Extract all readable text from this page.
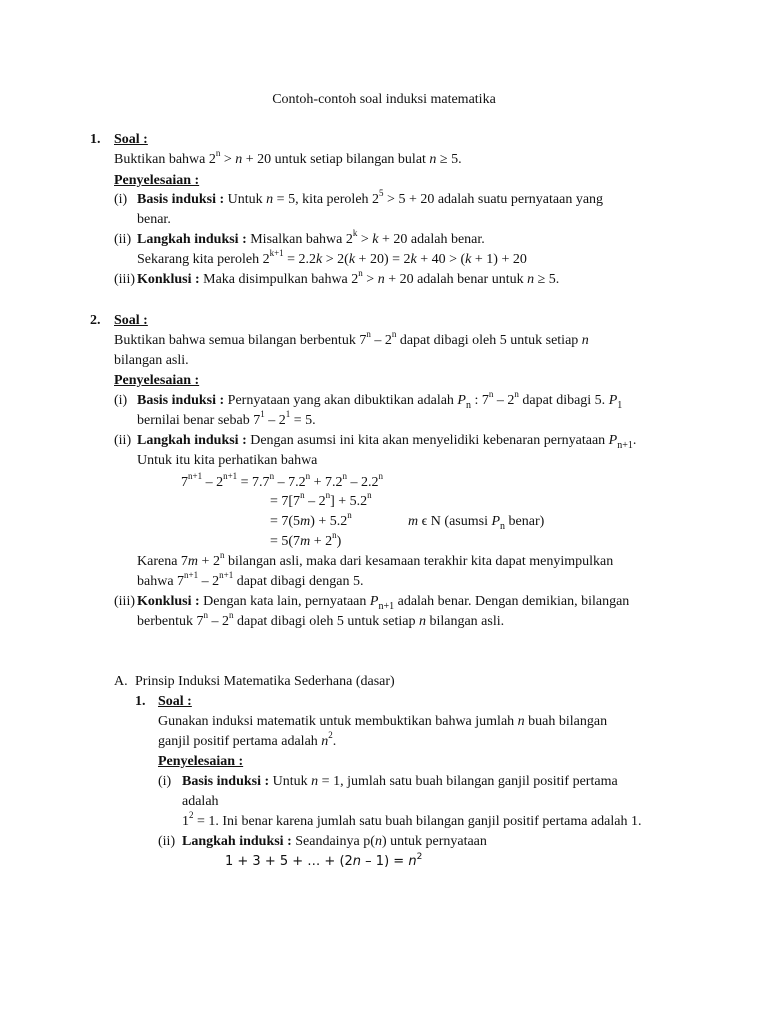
Contoh-contoh soal induksi matematika
1. Soal :
Buktikan bahwa $2^n > n + 20$ untuk setiap bilangan bulat n ≥ 5.
Penyelesaian :
(i) Basis induksi : Untuk n = 5, kita peroleh $2^5 > 5 + 20$ adalah suatu pernyataan yang
benar.
(ii) Langkah induksi : Misalkan bahwa $2^k > k + 20$ adalah benar.
Sekarang kita peroleh $2^{k+1} = 2.2k > 2(k + 20) = 2k + 40 > (k + 1) + 20$
(iii) Konklusi : Maka disimpulkan bahwa $2^n > n + 20$ adalah benar untuk n ≥ 5.
2. Soal :
Buktikan bahwa semua bilangan berbentuk 7$^n$ – 2$^n$ dapat dibagi oleh 5 untuk setiap n
bilangan asli.
Penyelesaian :
(i) Basis induksi : Pernyataan yang akan dibuktikan adalah $P_n$ : 7$^n$ – 2$^n$ dapat dibagi 5. $P_1$
bernilai benar sebab $7^1 - 2^1 = 5$.
(ii) Langkah induksi : Dengan asumsi ini kita akan menyelidiki kebenaran pernyataan $P_{n+1}$.
Untuk itu kita perhatikan bahwa
$7^{n+1} - 2^{n+1} = 7.7^n - 7.2^n + 7.2^n - 2.2^n$
= $7[7^n - 2^n] + 5.2^n$
= $7(5m) + 5.2^n$	m ϵ N (asumsi $P_n$ benar)
= $5(7m + 2^n)$
Karena $7m + 2^n$ bilangan asli, maka dari kesamaan terakhir kita dapat menyimpulkan
bahwa $7^{n+1} - 2^{n+1}$ dapat dibagi dengan 5.
(iii) Konklusi : Dengan kata lain, pernyataan $P_{n+1}$ adalah benar. Dengan demikian, bilangan
berbentuk 7$^n$ – 2$^n$ dapat dibagi oleh 5 untuk setiap n bilangan asli.
A. Prinsip Induksi Matematika Sederhana (dasar)
1. Soal :
Gunakan induksi matematik untuk membuktikan bahwa jumlah n buah bilangan
ganjil positif pertama adalah $n^2$.
Penyelesaian :
(i) Basis induksi : Untuk n = 1, jumlah satu buah bilangan ganjil positif pertama
adalah
$1^2 = 1$. Ini benar karena jumlah satu buah bilangan ganjil positif pertama adalah 1.
(ii) Langkah induksi : Seandainya p(n) untuk pernyataan
1 + 3 + 5 + … + $(2n - 1) = n^2$
